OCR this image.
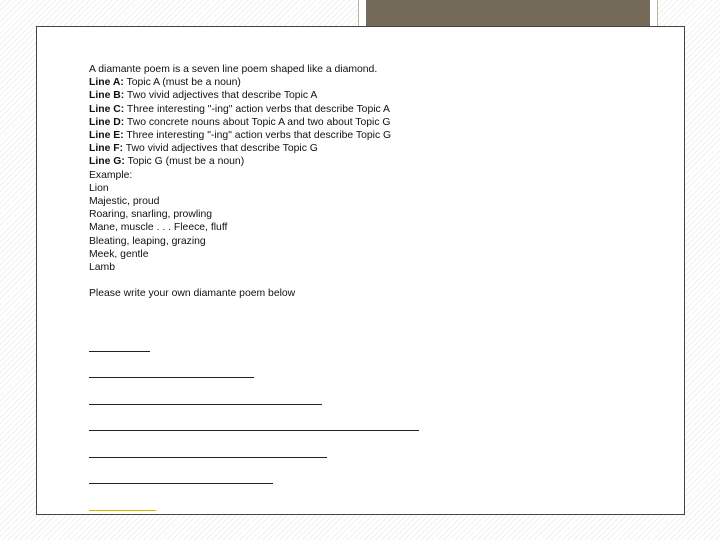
A diamante poem is a seven line poem shaped like a diamond.
Line A: Topic A (must be a noun)
Line B: Two vivid adjectives that describe Topic A
Line C: Three interesting "-ing" action verbs that describe Topic A
Line D: Two concrete nouns about Topic A and two about Topic G
Line E: Three interesting "-ing" action verbs that describe Topic G
Line F: Two vivid adjectives that describe Topic G
Line G: Topic G (must be a noun)
Example:
Lion
Majestic, proud
Roaring, snarling, prowling
Mane, muscle . . . Fleece, fluff
Bleating, leaping, grazing
Meek, gentle
Lamb
Please write your own diamante poem below
